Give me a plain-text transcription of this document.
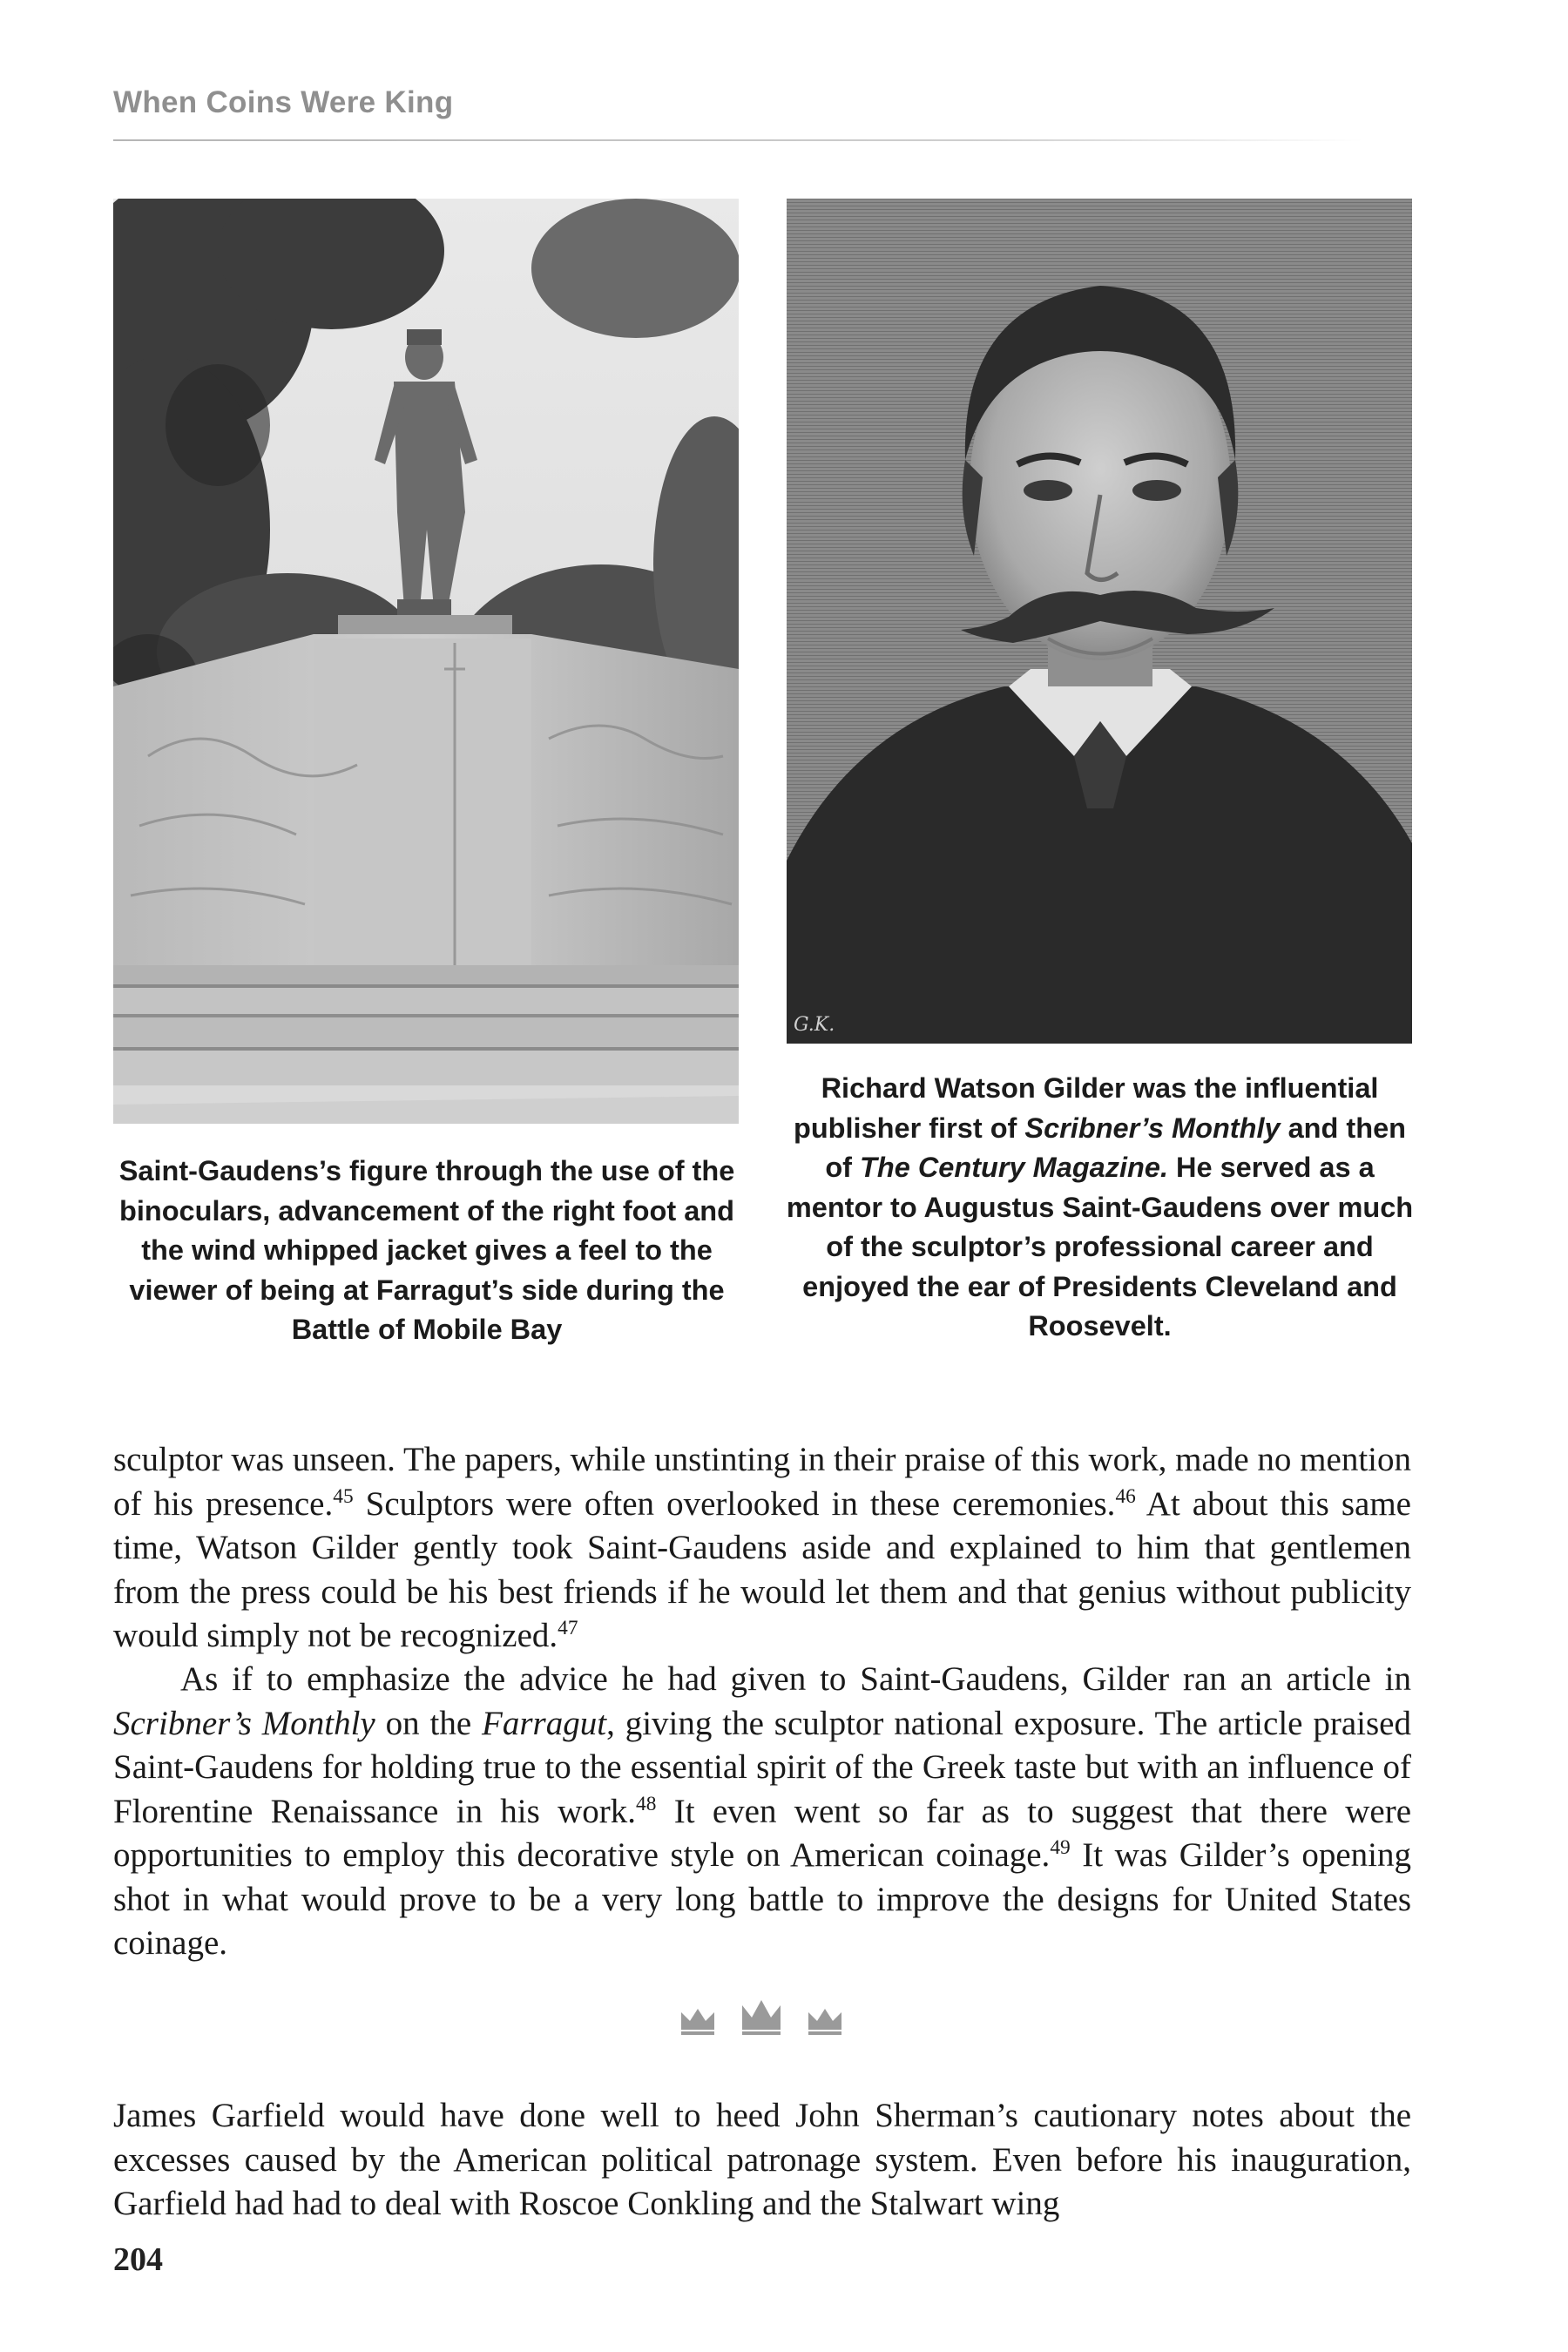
When Coins Were King
G.K.
Saint-Gaudens’s figure through the use of the binoculars, advancement of the right foot and the wind whipped jacket gives a feel to the viewer of being at Farragut’s side during the Battle of Mobile Bay
Richard Watson Gilder was the influential publisher first of Scribner’s Monthly and then of The Century Magazine. He served as a mentor to Augustus Saint-Gaudens over much of the sculptor’s professional career and enjoyed the ear of Presidents Cleveland and Roosevelt.

sculptor was unseen. The papers, while unstinting in their praise of this work, made no mention of his presence.$^{45}$ Sculptors were often overlooked in these ceremonies.$^{46}$ At about this same time, Watson Gilder gently took Saint-Gaudens aside and explained to him that gentlemen from the press could be his best friends if he would let them and that genius without publicity would simply not be recognized.$^{47}$

As if to emphasize the advice he had given to Saint-Gaudens, Gilder ran an article in Scribner’s Monthly on the Farragut, giving the sculptor national exposure. The article praised Saint-Gaudens for holding true to the essential spirit of the Greek taste but with an influence of Florentine Renaissance in his work.$^{48}$ It even went so far as to suggest that there were opportunities to employ this decorative style on American coinage.$^{49}$ It was Gilder’s opening shot in what would prove to be a very long battle to improve the designs for United States coinage.

James Garfield would have done well to heed John Sherman’s cautionary notes about the excesses caused by the American political patronage system. Even before his inauguration, Garfield had had to deal with Roscoe Conkling and the Stalwart wing

204
